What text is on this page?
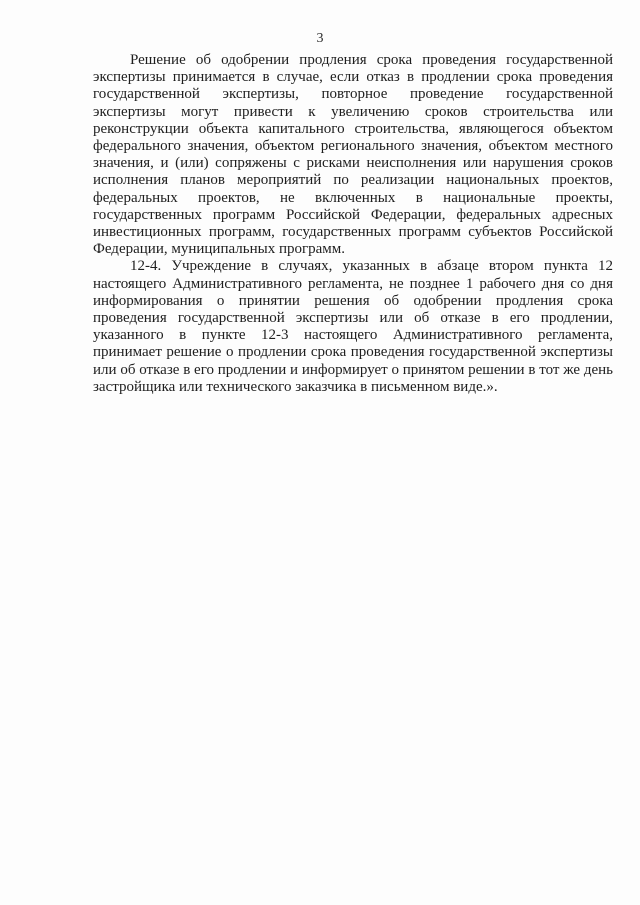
3

Решение об одобрении продления срока проведения государственной экспертизы принимается в случае, если отказ в продлении срока проведения государственной экспертизы, повторное проведение государственной экспертизы могут привести к увеличению сроков строительства или реконструкции объекта капитального строительства, являющегося объектом федерального значения, объектом регионального значения, объектом местного значения, и (или) сопряжены с рисками неисполнения или нарушения сроков исполнения планов мероприятий по реализации национальных проектов, федеральных проектов, не включенных в национальные проекты, государственных программ Российской Федерации, федеральных адресных инвестиционных программ, государственных программ субъектов Российской Федерации, муниципальных программ.

12-4. Учреждение в случаях, указанных в абзаце втором пункта 12 настоящего Административного регламента, не позднее 1 рабочего дня со дня информирования о принятии решения об одобрении продления срока проведения государственной экспертизы или об отказе в его продлении, указанного в пункте 12-3 настоящего Административного регламента, принимает решение о продлении срока проведения государственной экспертизы или об отказе в его продлении и информирует о принятом решении в тот же день застройщика или технического заказчика в письменном виде.».
